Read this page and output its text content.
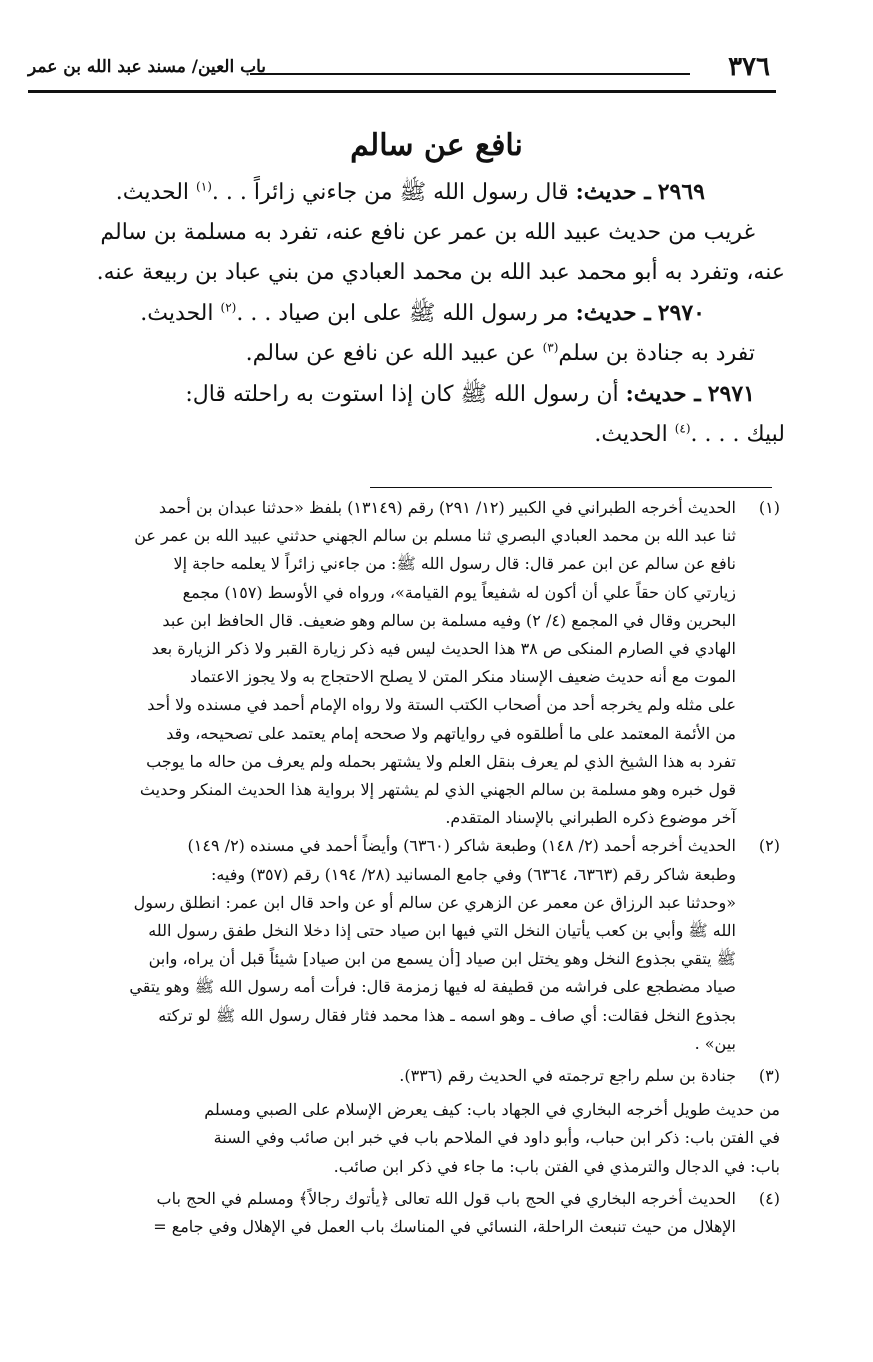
٣٧٦
باب العين/ مسند عبد الله بن عمر
نافع عن سالم

٢٩٦٩ ـ حديث: قال رسول الله ﷺ من جاءني زائراً . . .$^{(١)}$ الحديث.

غريب من حديث عبيد الله بن عمر عن نافع عنه، تفرد به مسلمة بن سالم

عنه، وتفرد به أبو محمد عبد الله بن محمد العبادي من بني عباد بن ربيعة عنه.

٢٩٧٠ ـ حديث: مر رسول الله ﷺ على ابن صياد . . .$^{(٢)}$ الحديث.

تفرد به جنادة بن سلم$^{(٣)}$ عن عبيد الله عن نافع عن سالم.

٢٩٧١ ـ حديث: أن رسول الله ﷺ كان إذا استوت به راحلته قال:

لبيك . . . .$^{(٤)}$ الحديث.

(١)
الحديث أخرجه الطبراني في الكبير (١٢/ ٢٩١) رقم (١٣١٤٩) بلفظ «حدثنا عبدان بن أحمد
ثنا عبد الله بن محمد العبادي البصري ثنا مسلم بن سالم الجهني حدثني عبيد الله بن عمر عن
نافع عن سالم عن ابن عمر قال: قال رسول الله ﷺ: من جاءني زائراً لا يعلمه حاجة إلا
زيارتي كان حقاً علي أن أكون له شفيعاً يوم القيامة»، ورواه في الأوسط (١٥٧) مجمع
البحرين وقال في المجمع (٤/ ٢) وفيه مسلمة بن سالم وهو ضعيف. قال الحافظ ابن عبد
الهادي في الصارم المنكى ص ٣٨ هذا الحديث ليس فيه ذكر زيارة القبر ولا ذكر الزيارة بعد
الموت مع أنه حديث ضعيف الإسناد منكر المتن لا يصلح الاحتجاج به ولا يجوز الاعتماد
على مثله ولم يخرجه أحد من أصحاب الكتب الستة ولا رواه الإمام أحمد في مسنده ولا أحد
من الأئمة المعتمد على ما أطلقوه في رواياتهم ولا صححه إمام يعتمد على تصحيحه، وقد
تفرد به هذا الشيخ الذي لم يعرف بنقل العلم ولا يشتهر بحمله ولم يعرف من حاله ما يوجب
قول خبره وهو مسلمة بن سالم الجهني الذي لم يشتهر إلا برواية هذا الحديث المنكر وحديث
آخر موضوع ذكره الطبراني بالإسناد المتقدم.
(٢)
الحديث أخرجه أحمد (٢/ ١٤٨) وطبعة شاكر (٦٣٦٠) وأيضاً أحمد في مسنده (٢/ ١٤٩)
وطبعة شاكر رقم (٦٣٦٣، ٦٣٦٤) وفي جامع المسانيد (٢٨/ ١٩٤) رقم (٣٥٧) وفيه:
«وحدثنا عبد الرزاق عن معمر عن الزهري عن سالم أو عن واحد قال ابن عمر: انطلق رسول
الله ﷺ وأبي بن كعب يأتيان النخل التي فيها ابن صياد حتى إذا دخلا النخل طفق رسول الله
ﷺ يتقي بجذوع النخل وهو يختل ابن صياد [أن يسمع من ابن صياد] شيئاً قبل أن يراه، وابن
صياد مضطجع على فراشه من قطيفة له فيها زمزمة قال: فرأت أمه رسول الله ﷺ وهو يتقي
بجذوع النخل فقالت: أي صاف ـ وهو اسمه ـ هذا محمد فثار فقال رسول الله ﷺ لو تركته
بين» .
(٣)
جنادة بن سلم راجع ترجمته في الحديث رقم (٣٣٦).
من حديث طويل أخرجه البخاري في الجهاد باب: كيف يعرض الإسلام على الصبي ومسلم
في الفتن باب: ذكر ابن حباب، وأبو داود في الملاحم باب في خبر ابن صائب وفي السنة
باب: في الدجال والترمذي في الفتن باب: ما جاء في ذكر ابن صائب.
(٤)
الحديث أخرجه البخاري في الحج باب قول الله تعالى ﴿يأتوك رجالاً﴾ ومسلم في الحج باب
الإهلال من حيث تنبعث الراحلة، النسائي في المناسك باب العمل في الإهلال وفي جامع =
